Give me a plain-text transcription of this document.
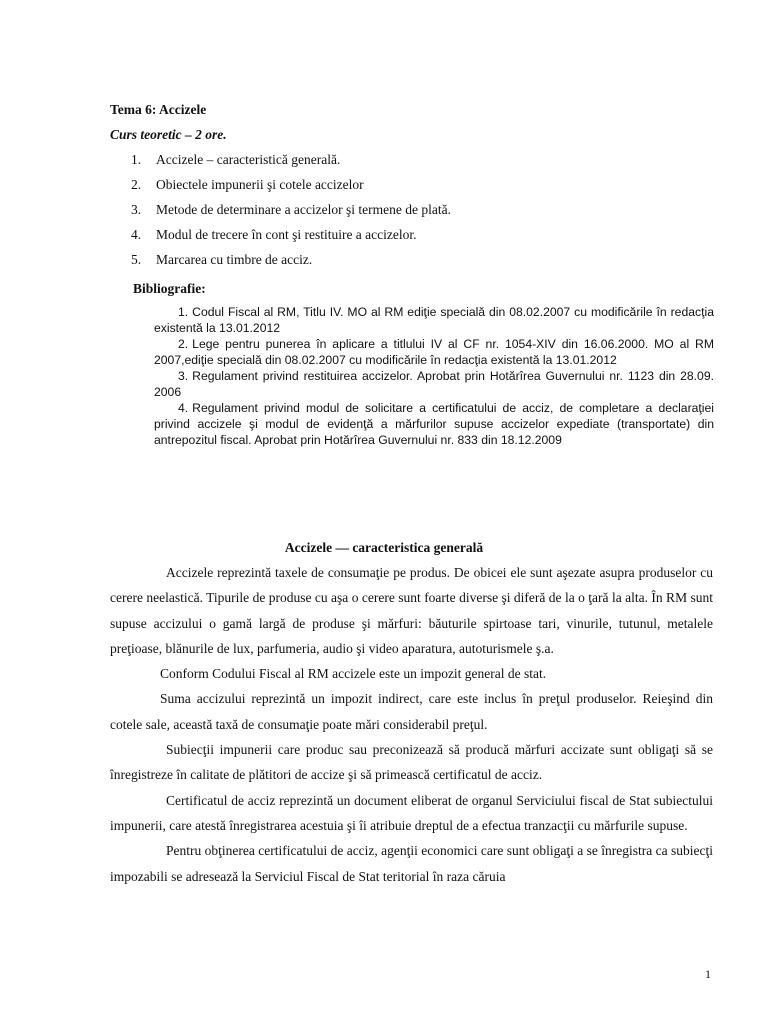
Tema 6: Accizele
Curs teoretic – 2 ore.
1. Accizele – caracteristică generală.
2. Obiectele impunerii şi cotele accizelor
3. Metode de determinare a accizelor şi termene de plată.
4. Modul de trecere în cont şi restituire a accizelor.
5. Marcarea cu timbre de acciz.
Bibliografie:
1. Codul Fiscal al RM, Titlu IV. MO al RM ediţie specială din 08.02.2007 cu modificările în redacţia existentă la 13.01.2012
2. Lege pentru punerea în aplicare a titlului IV al CF nr. 1054-XIV din 16.06.2000. MO al RM 2007,ediţie specială din 08.02.2007 cu modificările în redacţia existentă la 13.01.2012
3. Regulament privind restituirea accizelor. Aprobat prin Hotărîrea Guvernului nr. 1123 din 28.09. 2006
4. Regulament privind modul de solicitare a certificatului de acciz, de completare a declaraţiei privind accizele şi modul de evidenţă a mărfurilor supuse accizelor expediate (transportate) din antrepozitul fiscal. Aprobat prin Hotărîrea Guvernului nr. 833 din 18.12.2009
Accizele — caracteristica generală

Accizele reprezintă taxele de consumaţie pe produs. De obicei ele sunt aşezate asupra produselor cu cerere neelastică. Tipurile de produse cu aşa o cerere sunt foarte diverse şi diferă de la o ţară la alta. În RM sunt supuse accizului o gamă largă de produse şi mărfuri: băuturile spirtoase tari, vinurile, tutunul, metalele preţioase, blănurile de lux, parfumeria, audio şi video aparatura, autoturismele ş.a.

Conform Codului Fiscal al RM accizele este un impozit general de stat.

Suma accizului reprezintă un impozit indirect, care este inclus în preţul produselor. Reieşind din cotele sale, această taxă de consumaţie poate mări considerabil preţul.

Subiecţii impunerii care produc sau preconizează să producă mărfuri accizate sunt obligaţi să se înregistreze în calitate de plătitori de accize şi să primească certificatul de acciz.

Certificatul de acciz reprezintă un document eliberat de organul Serviciului fiscal de Stat subiectului impunerii, care atestă înregistrarea acestuia şi îi atribuie dreptul de a efectua tranzacţii cu mărfurile supuse.

Pentru obţinerea certificatului de acciz, agenţii economici care sunt obligaţi a se înregistra ca subiecţi impozabili se adresează la Serviciul Fiscal de Stat teritorial în raza căruia

1
